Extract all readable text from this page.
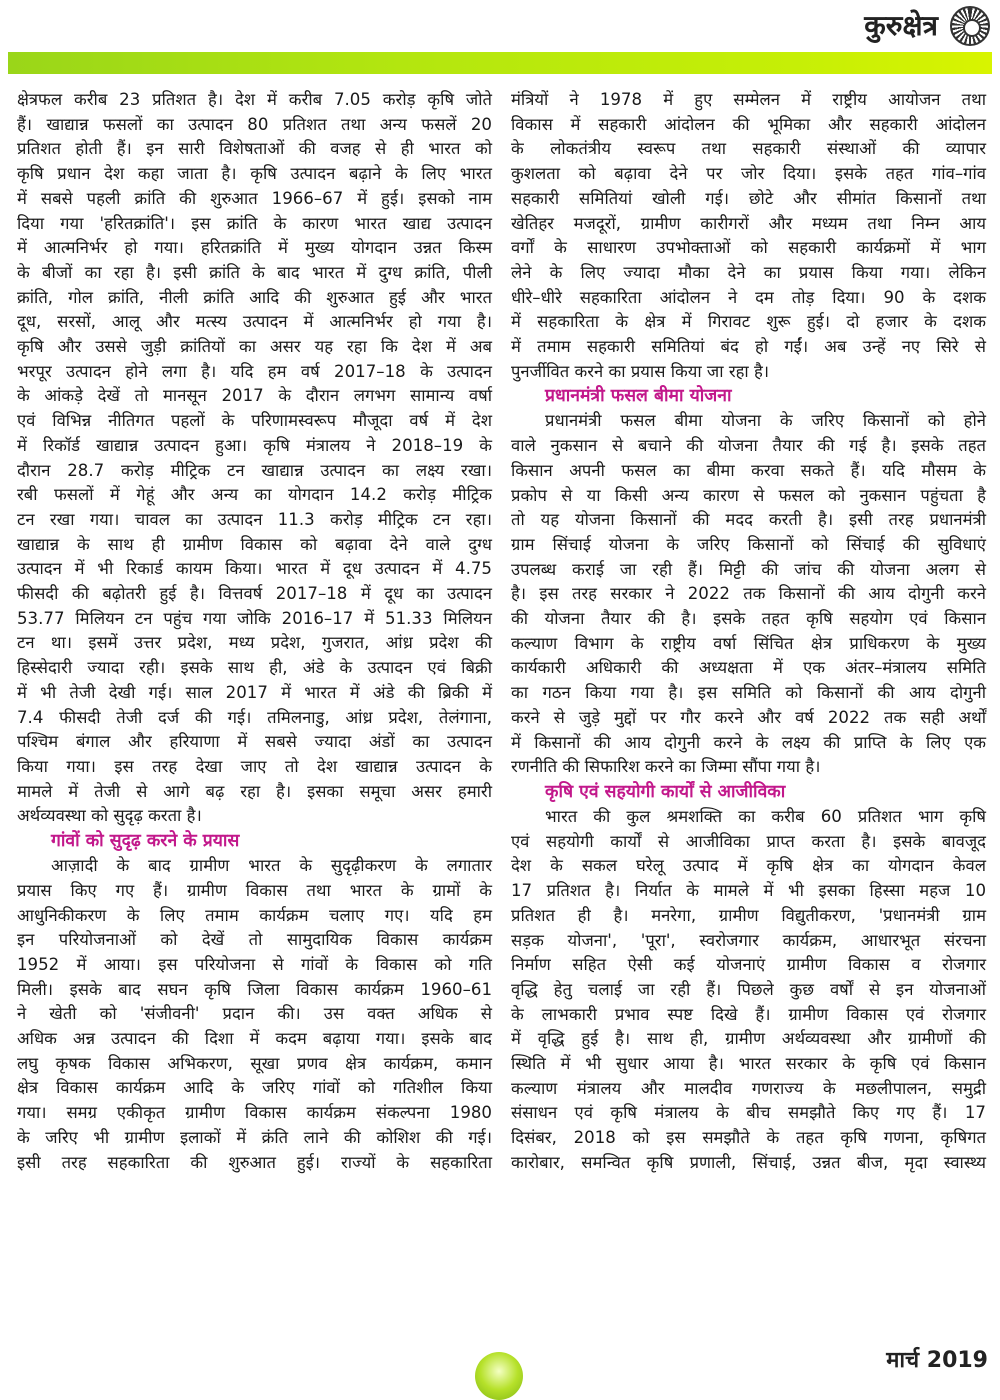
कुरुक्षेत्र

क्षेत्रफल करीब 23 प्रतिशत है। देश में करीब 7.05 करोड़ कृषि जोते

हैं। खाद्यान्न फसलों का उत्पादन 80 प्रतिशत तथा अन्य फसलें 20

प्रतिशत होती हैं। इन सारी विशेषताओं की वजह से ही भारत को

कृषि प्रधान देश कहा जाता है। कृषि उत्पादन बढ़ाने के लिए भारत

में सबसे पहली क्रांति की शुरुआत 1966–67 में हुई। इसको नाम

दिया गया 'हरितक्रांति'। इस क्रांति के कारण भारत खाद्य उत्पादन

में आत्मनिर्भर हो गया। हरितक्रांति में मुख्य योगदान उन्नत किस्म

के बीजों का रहा है। इसी क्रांति के बाद भारत में दुग्ध क्रांति, पीली

क्रांति, गोल क्रांति, नीली क्रांति आदि की शुरुआत हुई और भारत

दूध, सरसों, आलू और मत्स्य उत्पादन में आत्मनिर्भर हो गया है।

कृषि और उससे जुड़ी क्रांतियों का असर यह रहा कि देश में अब

भरपूर उत्पादन होने लगा है। यदि हम वर्ष 2017–18 के उत्पादन

के आंकड़े देखें तो मानसून 2017 के दौरान लगभग सामान्य वर्षा

एवं विभिन्न नीतिगत पहलों के परिणामस्वरूप मौजूदा वर्ष में देश

में रिकॉर्ड खाद्यान्न उत्पादन हुआ। कृषि मंत्रालय ने 2018–19 के

दौरान 28.7 करोड़ मीट्रिक टन खाद्यान्न उत्पादन का लक्ष्य रखा।

रबी फसलों में गेहूं और अन्य का योगदान 14.2 करोड़ मीट्रिक

टन रखा गया। चावल का उत्पादन 11.3 करोड़ मीट्रिक टन रहा।

खाद्यान्न के साथ ही ग्रामीण विकास को बढ़ावा देने वाले दुग्ध

उत्पादन में भी रिकार्ड कायम किया। भारत में दूध उत्पादन में 4.75

फीसदी की बढ़ोतरी हुई है। वित्तवर्ष 2017–18 में दूध का उत्पादन

53.77 मिलियन टन पहुंच गया जोकि 2016–17 में 51.33 मिलियन

टन था। इसमें उत्तर प्रदेश, मध्य प्रदेश, गुजरात, आंध्र प्रदेश की

हिस्सेदारी ज्यादा रही। इसके साथ ही, अंडे के उत्पादन एवं बिक्री

में भी तेजी देखी गई। साल 2017 में भारत में अंडे की ब्रिकी में

7.4 फीसदी तेजी दर्ज की गई। तमिलनाडु, आंध्र प्रदेश, तेलंगाना,

पश्चिम बंगाल और हरियाणा में सबसे ज्यादा अंडों का उत्पादन

किया गया। इस तरह देखा जाए तो देश खाद्यान्न उत्पादन के

मामले में तेजी से आगे बढ़ रहा है। इसका समूचा असर हमारी

अर्थव्यवस्था को सुदृढ़ करता है।

गांवों को सुदृढ़ करने के प्रयास

आज़ादी के बाद ग्रामीण भारत के सुदृढ़ीकरण के लगातार

प्रयास किए गए हैं। ग्रामीण विकास तथा भारत के ग्रामों के

आधुनिकीकरण के लिए तमाम कार्यक्रम चलाए गए। यदि हम

इन परियोजनाओं को देखें तो सामुदायिक विकास कार्यक्रम

1952 में आया। इस परियोजना से गांवों के विकास को गति

मिली। इसके बाद सघन कृषि जिला विकास कार्यक्रम 1960–61

ने खेती को 'संजीवनी' प्रदान की। उस वक्त अधिक से

अधिक अन्न उत्पादन की दिशा में कदम बढ़ाया गया। इसके बाद

लघु कृषक विकास अभिकरण, सूखा प्रणव क्षेत्र कार्यक्रम, कमान

क्षेत्र विकास कार्यक्रम आदि के जरिए गांवों को गतिशील किया

गया। समग्र एकीकृत ग्रामीण विकास कार्यक्रम संकल्पना 1980

के जरिए भी ग्रामीण इलाकों में क्रंति लाने की कोशिश की गई।

इसी तरह सहकारिता की शुरुआत हुई। राज्यों के सहकारिता

मंत्रियों ने 1978 में हुए सम्मेलन में राष्ट्रीय आयोजन तथा

विकास में सहकारी आंदोलन की भूमिका और सहकारी आंदोलन

के लोकतंत्रीय स्वरूप तथा सहकारी संस्थाओं की व्यापार

कुशलता को बढ़ावा देने पर जोर दिया। इसके तहत गांव–गांव

सहकारी समितियां खोली गई। छोटे और सीमांत किसानों तथा

खेतिहर मजदूरों, ग्रामीण कारीगरों और मध्यम तथा निम्न आय

वर्गों के साधारण उपभोक्ताओं को सहकारी कार्यक्रमों में भाग

लेने के लिए ज्यादा मौका देने का प्रयास किया गया। लेकिन

धीरे–धीरे सहकारिता आंदोलन ने दम तोड़ दिया। 90 के दशक

में सहकारिता के क्षेत्र में गिरावट शुरू हुई। दो हजार के दशक

में तमाम सहकारी समितियां बंद हो गईं। अब उन्हें नए सिरे से

पुनर्जीवित करने का प्रयास किया जा रहा है।

प्रधानमंत्री फसल बीमा योजना

प्रधानमंत्री फसल बीमा योजना के जरिए किसानों को होने

वाले नुकसान से बचाने की योजना तैयार की गई है। इसके तहत

किसान अपनी फसल का बीमा करवा सकते हैं। यदि मौसम के

प्रकोप से या किसी अन्य कारण से फसल को नुकसान पहुंचता है

तो यह योजना किसानों की मदद करती है। इसी तरह प्रधानमंत्री

ग्राम सिंचाई योजना के जरिए किसानों को सिंचाई की सुविधाएं

उपलब्ध कराई जा रही हैं। मिट्टी की जांच की योजना अलग से

है। इस तरह सरकार ने 2022 तक किसानों की आय दोगुनी करने

की योजना तैयार की है। इसके तहत कृषि सहयोग एवं किसान

कल्याण विभाग के राष्ट्रीय वर्षा सिंचित क्षेत्र प्राधिकरण के मुख्य

कार्यकारी अधिकारी की अध्यक्षता में एक अंतर–मंत्रालय समिति

का गठन किया गया है। इस समिति को किसानों की आय दोगुनी

करने से जुड़े मुद्दों पर गौर करने और वर्ष 2022 तक सही अर्थों

में किसानों की आय दोगुनी करने के लक्ष्य की प्राप्ति के लिए एक

रणनीति की सिफारिश करने का जिम्मा सौंपा गया है।

कृषि एवं सहयोगी कार्यों से आजीविका

भारत की कुल श्रमशक्ति का करीब 60 प्रतिशत भाग कृषि

एवं सहयोगी कार्यों से आजीविका प्राप्त करता है। इसके बावजूद

देश के सकल घरेलू उत्पाद में कृषि क्षेत्र का योगदान केवल

17 प्रतिशत है। निर्यात के मामले में भी इसका हिस्सा महज 10

प्रतिशत ही है। मनरेगा, ग्रामीण विद्युतीकरण, 'प्रधानमंत्री ग्राम

सड़क योजना', 'पूरा', स्वरोजगार कार्यक्रम, आधारभूत संरचना

निर्माण सहित ऐसी कई योजनाएं ग्रामीण विकास व रोजगार

वृद्धि हेतु चलाई जा रही हैं। पिछले कुछ वर्षों से इन योजनाओं

के लाभकारी प्रभाव स्पष्ट दिखे हैं। ग्रामीण विकास एवं रोजगार

में वृद्धि हुई है। साथ ही, ग्रामीण अर्थव्यवस्था और ग्रामीणों की

स्थिति में भी सुधार आया है। भारत सरकार के कृषि एवं किसान

कल्याण मंत्रालय और मालदीव गणराज्य के मछलीपालन, समुद्री

संसाधन एवं कृषि मंत्रालय के बीच समझौते किए गए हैं। 17

दिसंबर, 2018 को इस समझौते के तहत कृषि गणना, कृषिगत

कारोबार, समन्वित कृषि प्रणाली, सिंचाई, उन्नत बीज, मृदा स्वास्थ्य

मार्च 2019
